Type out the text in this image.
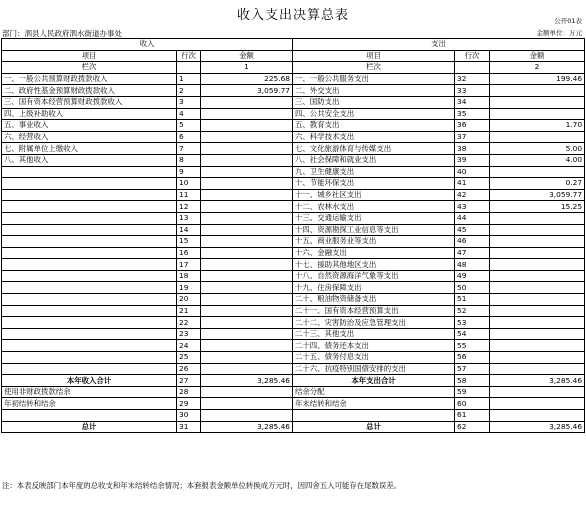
收入支出决算总表	公开01表
部门：泗县人民政府泗水街道办事处	金额单位：万元
收入			支出		
项目	行次	金额	项目	行次	金额
栏次		1	栏次		2
一、一般公共预算财政拨款收入	1	225.68	一、一般公共服务支出	32	199.46
二、政府性基金预算财政拨款收入	2	3,059.77	二、外交支出	33	
三、国有资本经营预算财政拨款收入	3		三、国防支出	34	
四、上级补助收入	4		四、公共安全支出	35	
五、事业收入	5		五、教育支出	36	1.70
六、经营收入	6		六、科学技术支出	37	
七、附属单位上缴收入	7		七、文化旅游体育与传媒支出	38	5.00
八、其他收入	8		八、社会保障和就业支出	39	4.00
	9		九、卫生健康支出	40	
	10		十、节能环保支出	41	0.27
	11		十一、城乡社区支出	42	3,059.77
	12		十二、农林水支出	43	15.25
	13		十三、交通运输支出	44	
	14		十四、资源勘探工业信息等支出	45	
	15		十五、商业服务业等支出	46	
	16		十六、金融支出	47	
	17		十七、援助其他地区支出	48	
	18		十八、自然资源海洋气象等支出	49	
	19		十九、住房保障支出	50	
	20		二十、粮油物资储备支出	51	
	21		二十一、国有资本经营预算支出	52	
	22		二十二、灾害防治及应急管理支出	53	
	23		二十三、其他支出	54	
	24		二十四、债务还本支出	55	
	25		二十五、债务付息支出	56	
	26		二十六、抗疫特别国债安排的支出	57	
本年收入合计	27	3,285.46	本年支出合计	58	3,285.46
使用非财政拨款结余	28		结余分配	59	
年初结转和结余	29		年末结转和结余	60	
	30			61	
总计	31	3,285.46	总计	62	3,285.46
注：本表反映部门本年度的总收支和年末结转结余情况；本套报表金额单位转换成万元时，因四舍五入可能存在尾数误差。
